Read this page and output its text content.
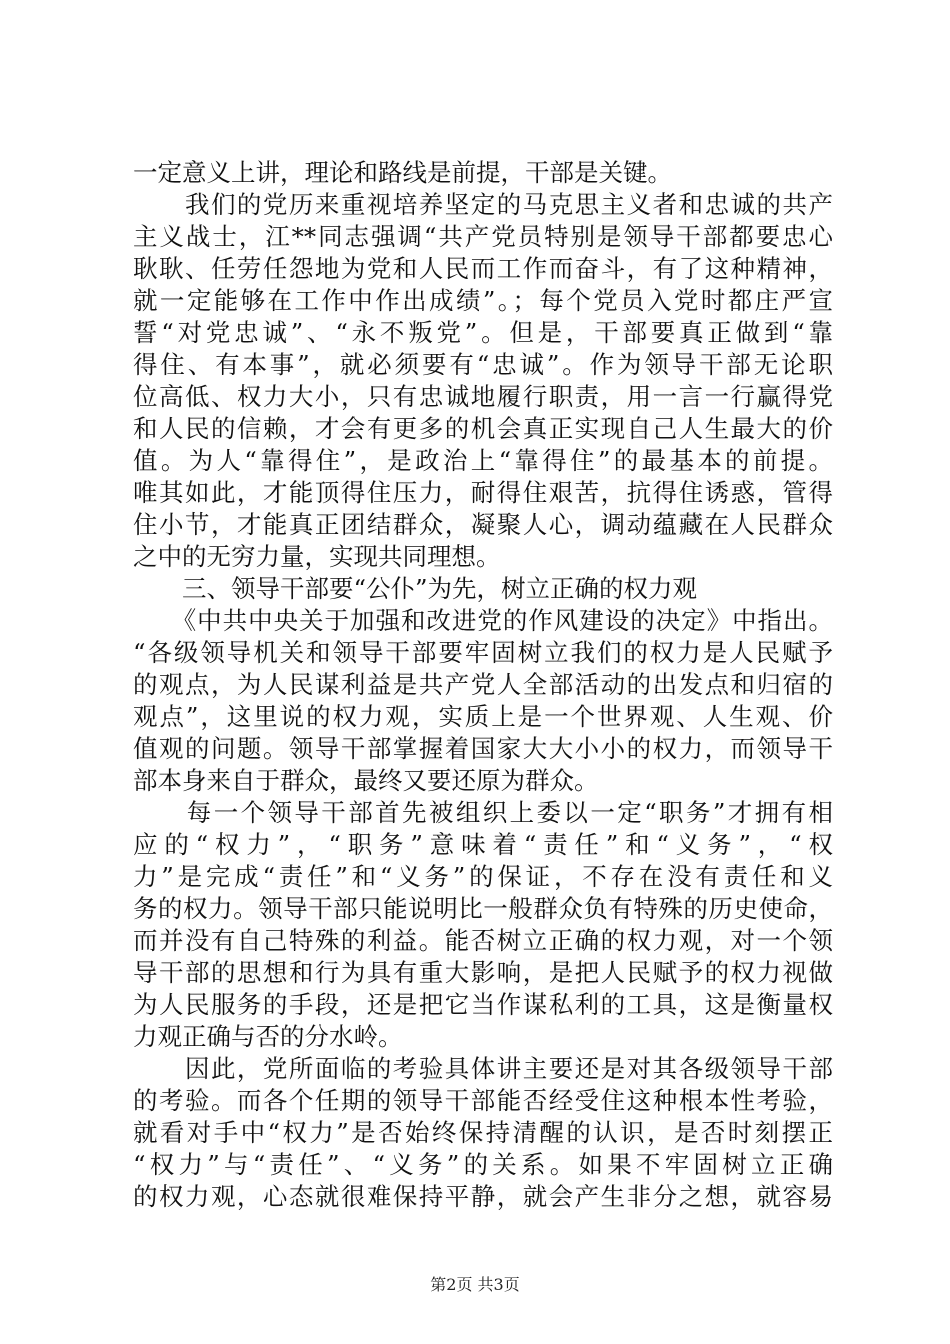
一定意义上讲，理论和路线是前提，干部是关键。
　　我们的党历来重视培养坚定的马克思主义者和忠诚的共产
主义战士，江**同志强调“共产党员特别是领导干部都要忠心
耿耿、任劳任怨地为党和人民而工作而奋斗，有了这种精神，
就一定能够在工作中作出成绩”。；每个党员入党时都庄严宣
誓“对党忠诚”、“永不叛党”。但是，干部要真正做到“靠
得住、有本事”，就必须要有“忠诚”。作为领导干部无论职
位高低、权力大小，只有忠诚地履行职责，用一言一行赢得党
和人民的信赖，才会有更多的机会真正实现自己人生最大的价
值。为人“靠得住”，是政治上“靠得住”的最基本的前提。
唯其如此，才能顶得住压力，耐得住艰苦，抗得住诱惑，管得
住小节，才能真正团结群众，凝聚人心，调动蕴藏在人民群众
之中的无穷力量，实现共同理想。
　　三、领导干部要“公仆”为先，树立正确的权力观
　　《中共中央关于加强和改进党的作风建设的决定》中指出。
“各级领导机关和领导干部要牢固树立我们的权力是人民赋予
的观点，为人民谋利益是共产党人全部活动的出发点和归宿的
观点”，这里说的权力观，实质上是一个世界观、人生观、价
值观的问题。领导干部掌握着国家大大小小的权力，而领导干
部本身来自于群众，最终又要还原为群众。
　　每一个领导干部首先被组织上委以一定“职务”才拥有相
应的“权力”，“职务”意味着“责任”和“义务”，“权
力”是完成“责任”和“义务”的保证，不存在没有责任和义
务的权力。领导干部只能说明比一般群众负有特殊的历史使命，
而并没有自己特殊的利益。能否树立正确的权力观，对一个领
导干部的思想和行为具有重大影响，是把人民赋予的权力视做
为人民服务的手段，还是把它当作谋私利的工具，这是衡量权
力观正确与否的分水岭。
　　因此，党所面临的考验具体讲主要还是对其各级领导干部
的考验。而各个任期的领导干部能否经受住这种根本性考验，
就看对手中“权力”是否始终保持清醒的认识，是否时刻摆正
“权力”与“责任”、“义务”的关系。如果不牢固树立正确
的权力观，心态就很难保持平静，就会产生非分之想，就容易
第2页 共3页
